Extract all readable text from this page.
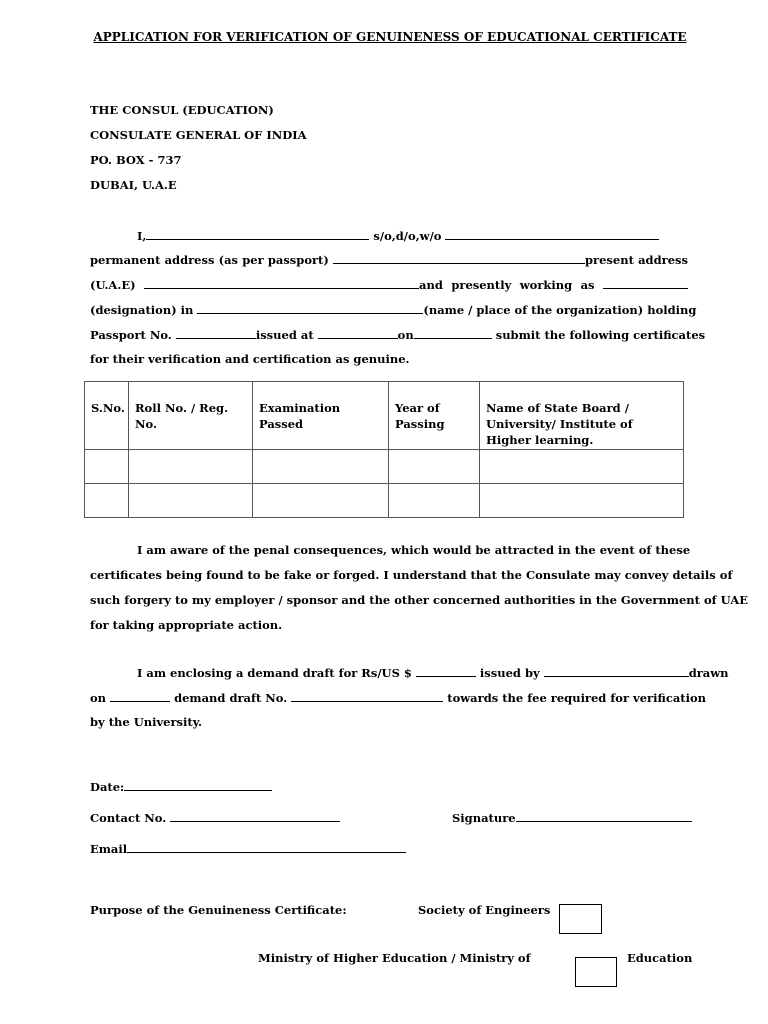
APPLICATION FOR VERIFICATION OF GENUINENESS OF EDUCATIONAL CERTIFICATE
THE CONSUL (EDUCATION)
CONSULATE GENERAL OF INDIA
PO. BOX - 737
DUBAI, U.A.E
I,	s/o,d/o,w/o
permanent address (as per passport)	present address
(U.A.E)	and presently working as
(designation) in	(name / place of the organization) holding
Passport No.	issued at	on	submit the following certificates
for their verification and certification as genuine.
S.No.	Roll No. / Reg. No.	Examination Passed	Year of Passing	Name of State Board / University/ Institute of Higher learning.

I am aware of the penal consequences, which would be attracted in the event of these
certificates being found to be fake or forged. I understand that the Consulate may convey details of
such forgery to my employer / sponsor and the other concerned authorities in the Government of UAE
for taking appropriate action.
I am enclosing a demand draft for Rs/US $	issued by	drawn
on	demand draft No.	towards the fee required for verification
by the University.
Date:
Contact No.	Signature
Email
Purpose of the Genuineness Certificate:	Society of Engineers
Ministry of Higher Education / Ministry of	Education
